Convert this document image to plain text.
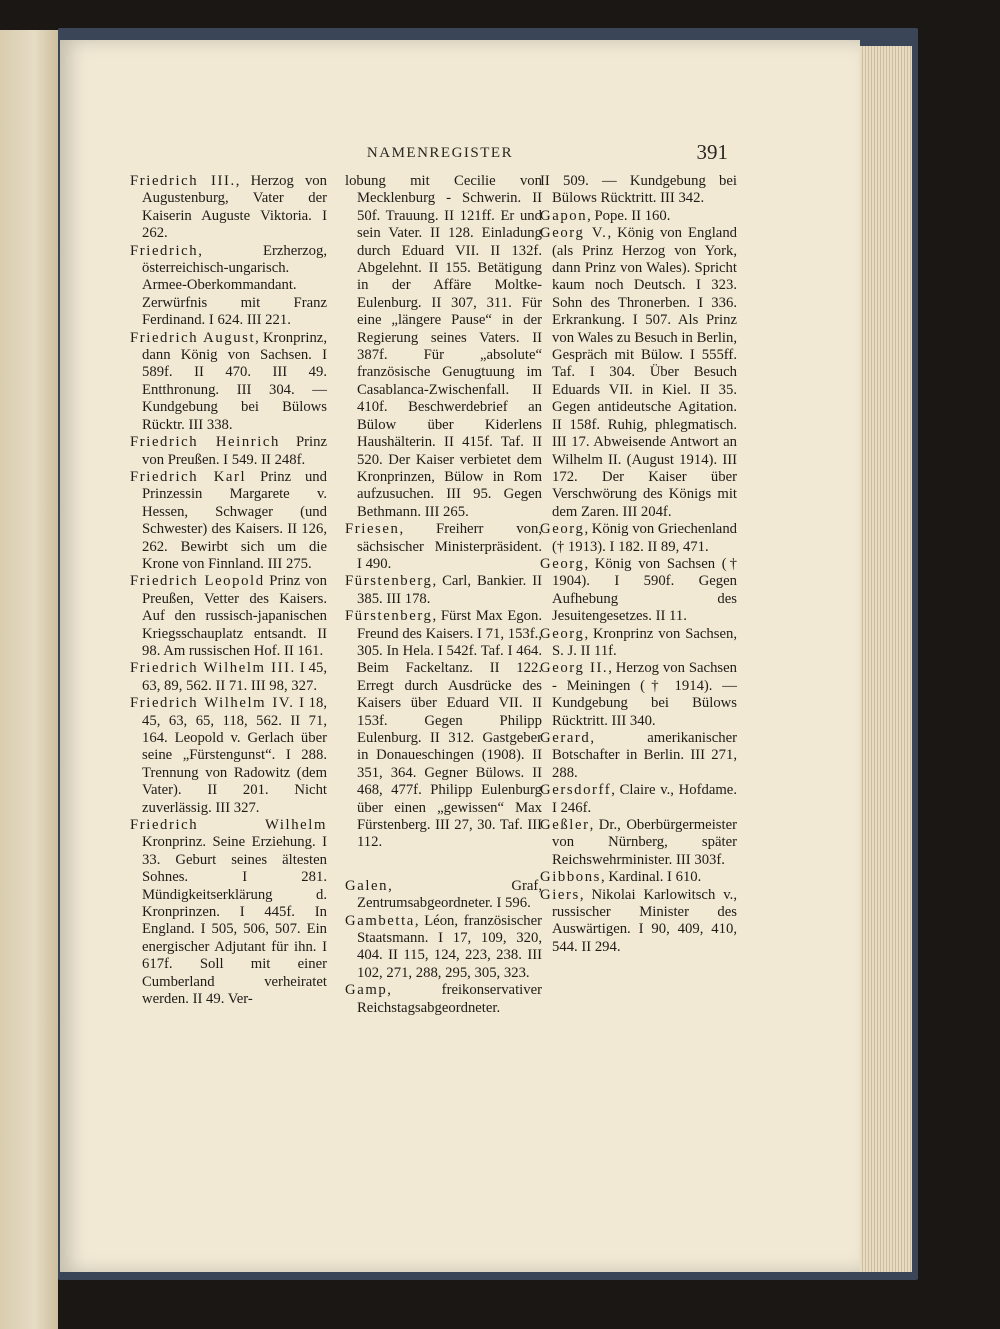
NAMENREGISTER	391
Friedrich III., Herzog von Augustenburg, Vater der Kaiserin Auguste Viktoria. I 262.
Friedrich, Erzherzog, österreichisch-ungarisch. Armee-Oberkommandant. Zerwürfnis mit Franz Ferdinand. I 624. III 221.
Friedrich August, Kronprinz, dann König von Sachsen. I 589f. II 470. III 49. Entthronung. III 304. — Kundgebung bei Bülows Rücktr. III 338.
Friedrich Heinrich Prinz von Preußen. I 549. II 248f.
Friedrich Karl Prinz und Prinzessin Margarete v. Hessen, Schwager (und Schwester) des Kaisers. II 126, 262. Bewirbt sich um die Krone von Finnland. III 275.
Friedrich Leopold Prinz von Preußen, Vetter des Kaisers. Auf den russisch-japanischen Kriegsschauplatz entsandt. II 98. Am russischen Hof. II 161.
Friedrich Wilhelm III. I 45, 63, 89, 562. II 71. III 98, 327.
Friedrich Wilhelm IV. I 18, 45, 63, 65, 118, 562. II 71, 164. Leopold v. Gerlach über seine „Fürstengunst“. I 288. Trennung von Radowitz (dem Vater). II 201. Nicht zuverlässig. III 327.
Friedrich Wilhelm Kronprinz. Seine Erziehung. I 33. Geburt seines ältesten Sohnes. I 281. Mündigkeitserklärung d. Kronprinzen. I 445f. In England. I 505, 506, 507. Ein energischer Adjutant für ihn. I 617f. Soll mit einer Cumberland verheiratet werden. II 49. Ver-
lobung mit Cecilie von Mecklenburg - Schwerin. II 50f. Trauung. II 121ff. Er und sein Vater. II 128. Einladung durch Eduard VII. II 132f. Abgelehnt. II 155. Betätigung in der Affäre Moltke-Eulenburg. II 307, 311. Für eine „längere Pause“ in der Regierung seines Vaters. II 387f. Für „absolute“ französische Genugtuung im Casablanca-Zwischenfall. II 410f. Beschwerdebrief an Bülow über Kiderlens Haushälterin. II 415f. Taf. II 520. Der Kaiser verbietet dem Kronprinzen, Bülow in Rom aufzusuchen. III 95. Gegen Bethmann. III 265.
Friesen, Freiherr von, sächsischer Ministerpräsident. I 490.
Fürstenberg, Carl, Bankier. II 385. III 178.
Fürstenberg, Fürst Max Egon. Freund des Kaisers. I 71, 153f., 305. In Hela. I 542f. Taf. I 464. Beim Fackeltanz. II 122. Erregt durch Ausdrücke des Kaisers über Eduard VII. II 153f. Gegen Philipp Eulenburg. II 312. Gastgeber in Donaueschingen (1908). II 351, 364. Gegner Bülows. II 468, 477f. Philipp Eulenburg über einen „gewissen“ Max Fürstenberg. III 27, 30. Taf. III 112.
Galen, Graf, Zentrumsabgeordneter. I 596.
Gambetta, Léon, französischer Staatsmann. I 17, 109, 320, 404. II 115, 124, 223, 238. III 102, 271, 288, 295, 305, 323.
Gamp, freikonservativer Reichstagsabgeordneter.
II 509. — Kundgebung bei Bülows Rücktritt. III 342.
Gapon, Pope. II 160.
Georg V., König von England (als Prinz Herzog von York, dann Prinz von Wales). Spricht kaum noch Deutsch. I 323. Sohn des Thronerben. I 336. Erkrankung. I 507. Als Prinz von Wales zu Besuch in Berlin, Gespräch mit Bülow. I 555ff. Taf. I 304. Über Besuch Eduards VII. in Kiel. II 35. Gegen antideutsche Agitation. II 158f. Ruhig, phlegmatisch. III 17. Abweisende Antwort an Wilhelm II. (August 1914). III 172. Der Kaiser über Verschwörung des Königs mit dem Zaren. III 204f.
Georg, König von Griechenland († 1913). I 182. II 89, 471.
Georg, König von Sachsen († 1904). I 590f. Gegen Aufhebung des Jesuitengesetzes. II 11.
Georg, Kronprinz von Sachsen, S. J. II 11f.
Georg II., Herzog von Sachsen - Meiningen († 1914). — Kundgebung bei Bülows Rücktritt. III 340.
Gerard, amerikanischer Botschafter in Berlin. III 271, 288.
Gersdorff, Claire v., Hofdame. I 246f.
Geßler, Dr., Oberbürgermeister von Nürnberg, später Reichswehrminister. III 303f.
Gibbons, Kardinal. I 610.
Giers, Nikolai Karlowitsch v., russischer Minister des Auswärtigen. I 90, 409, 410, 544. II 294.
